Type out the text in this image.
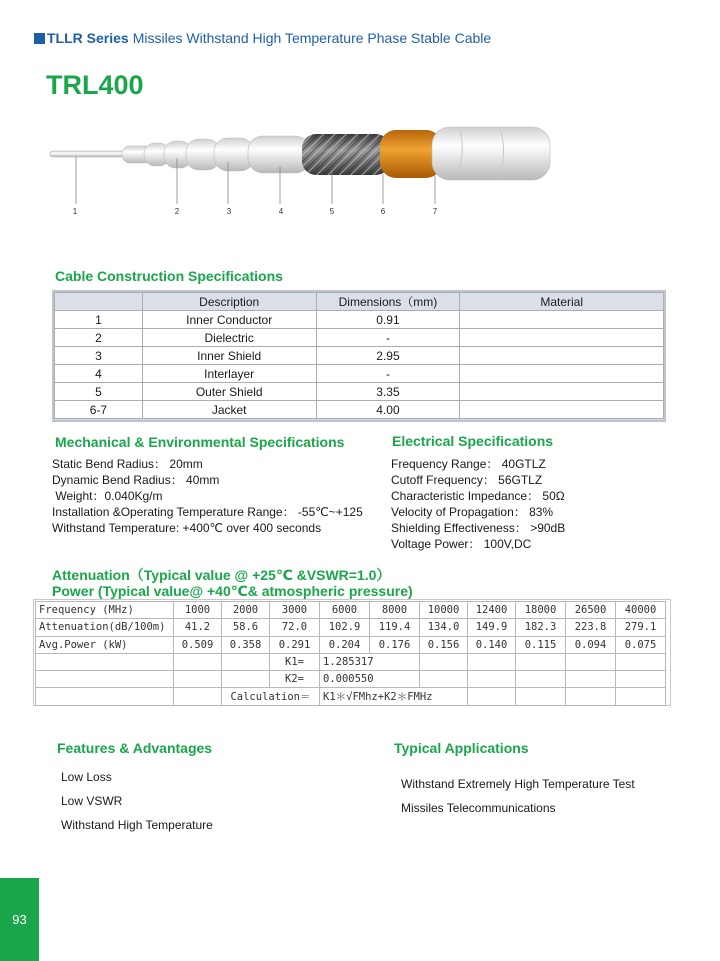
TLLR Series Missiles Withstand High Temperature Phase Stable Cable
TRL400
1	2	3	4	5	6	7
Cable Construction Specifications
	Description	Dimensions（mm)	Material
1	Inner Conductor	0.91	
2	Dielectric	-	
3	Inner Shield	2.95	
4	Interlayer	-	
5	Outer Shield	3.35	
6-7	Jacket	4.00	
Mechanical & Environmental Specifications
Static Bend Radius： 20mm
Dynamic Bend Radius： 40mm
Weight：0.040Kg/m
Installation &Operating Temperature Range： -55℃~+125
Withstand Temperature: +400℃ over 400 seconds
Electrical Specifications
Frequency Range： 40GTLZ
Cutoff Frequency： 56GTLZ
Characteristic Impedance： 50Ω
Velocity of Propagation： 83%
Shielding Effectiveness： >90dB
Voltage Power： 100V,DC
Attenuation（Typical value @ +25℃ &VSWR=1.0）
Power (Typical value@ +40℃& atmospheric pressure)
Frequency (MHz)	1000	2000	3000	6000	8000	10000	12400	18000	26500	40000
Attenuation(dB/100m)	41.2	58.6	72.0	102.9	119.4	134.0	149.9	182.3	223.8	279.1
Avg.Power (kW)	0.509	0.358	0.291	0.204	0.176	0.156	0.140	0.115	0.094	0.075
			K1=	1.285317						
			K2=	0.000550						
		Calculation＝		K1＊√FMhz+K2＊FMHz						
Features & Advantages
Low Loss
Low VSWR
Withstand High Temperature
Typical Applications
Withstand Extremely High Temperature Test
Missiles Telecommunications
93
